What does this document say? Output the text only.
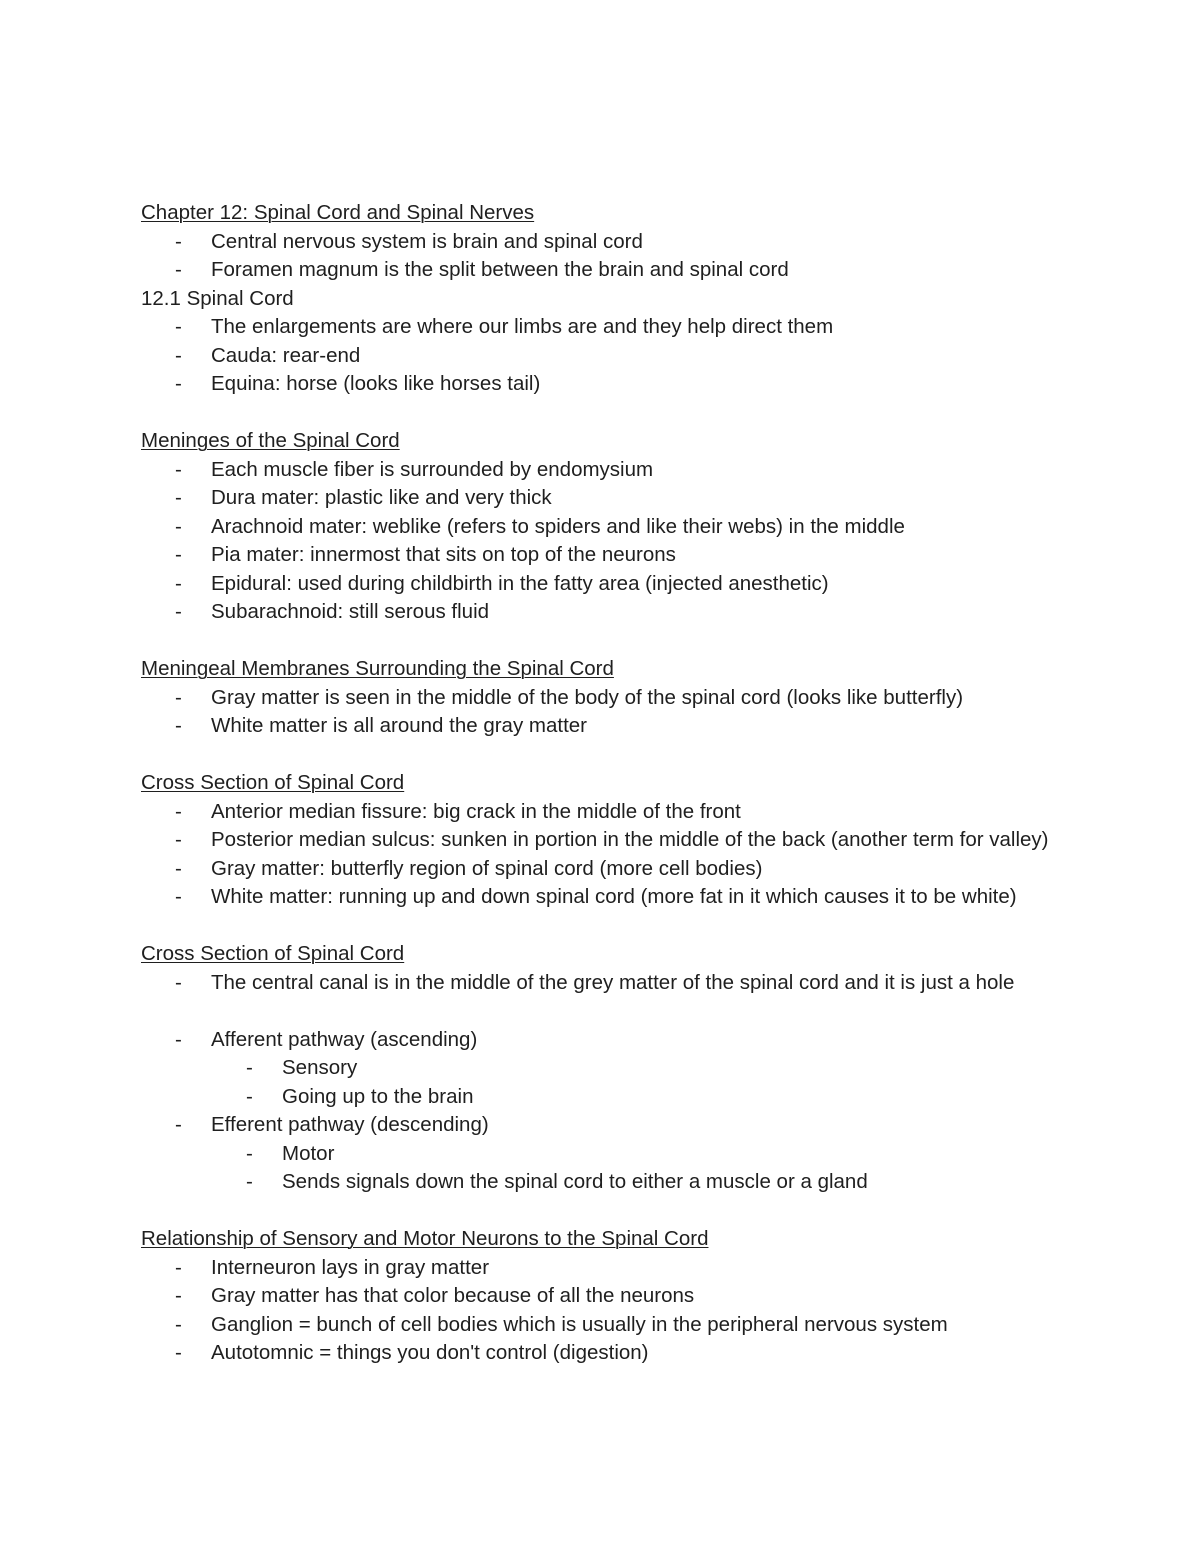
Chapter 12: Spinal Cord and Spinal Nerves

- Central nervous system is brain and spinal cord
- Foramen magnum is the split between the brain and spinal cord

12.1 Spinal Cord

- The enlargements are where our limbs are and they help direct them
- Cauda: rear-end
- Equina: horse (looks like horses tail)

Meninges of the Spinal Cord

- Each muscle fiber is surrounded by endomysium
- Dura mater: plastic like and very thick
- Arachnoid mater: weblike (refers to spiders and like their webs) in the middle
- Pia mater: innermost that sits on top of the neurons
- Epidural: used during childbirth in the fatty area (injected anesthetic)
- Subarachnoid: still serous fluid

Meningeal Membranes Surrounding the Spinal Cord

- Gray matter is seen in the middle of the body of the spinal cord (looks like butterfly)
- White matter is all around the gray matter

Cross Section of Spinal Cord

- Anterior median fissure: big crack in the middle of the front
- Posterior median sulcus: sunken in portion in the middle of the back (another term for valley)
- Gray matter: butterfly region of spinal cord (more cell bodies)
- White matter: running up and down spinal cord (more fat in it which causes it to be white)

Cross Section of Spinal Cord

- The central canal is in the middle of the grey matter of the spinal cord and it is just a hole
- Afferent pathway (ascending)
- Sensory
- Going up to the brain
- Efferent pathway (descending)
- Motor
- Sends signals down the spinal cord to either a muscle or a gland

Relationship of Sensory and Motor Neurons to the Spinal Cord

- Interneuron lays in gray matter
- Gray matter has that color because of all the neurons
- Ganglion = bunch of cell bodies which is usually in the peripheral nervous system
- Autotomnic = things you don't control (digestion)
